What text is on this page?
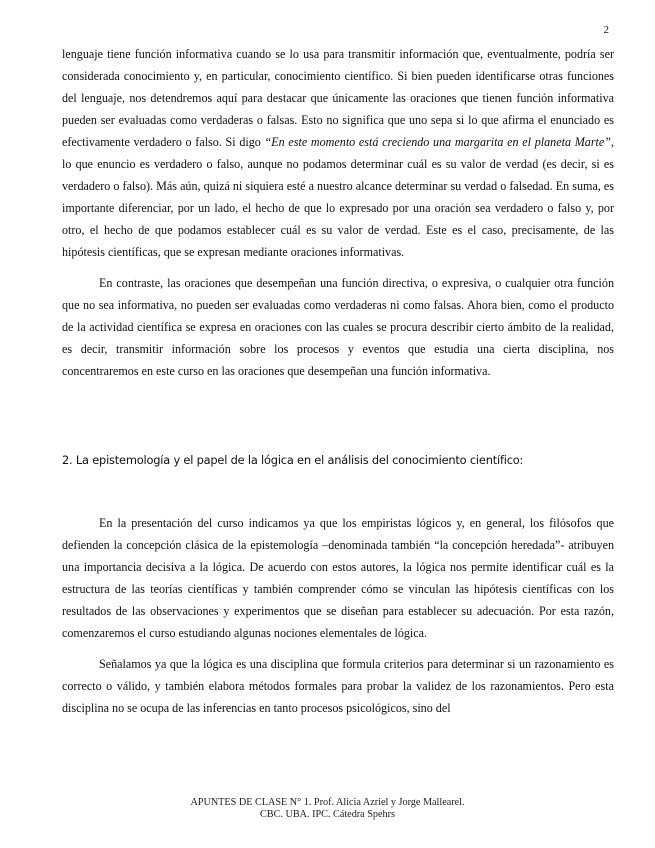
2

lenguaje tiene función informativa cuando se lo usa para transmitir información que, eventualmente, podría ser considerada conocimiento y, en particular, conocimiento científico. Si bien pueden identificarse otras funciones del lenguaje, nos detendremos aquí para destacar que únicamente las oraciones que tienen función informativa pueden ser evaluadas como verdaderas o falsas. Esto no significa que uno sepa si lo que afirma el enunciado es efectivamente verdadero o falso. Si digo “En este momento está creciendo una margarita en el planeta Marte”, lo que enuncio es verdadero o falso, aunque no podamos determinar cuál es su valor de verdad (es decir, si es verdadero o falso). Más aún, quizá ni siquiera esté a nuestro alcance determinar su verdad o falsedad. En suma, es importante diferenciar, por un lado, el hecho de que lo expresado por una oración sea verdadero o falso y, por otro, el hecho de que podamos establecer cuál es su valor de verdad. Este es el caso, precisamente, de las hipótesis científicas, que se expresan mediante oraciones informativas.

En contraste, las oraciones que desempeñan una función directiva, o expresiva, o cualquier otra función que no sea informativa, no pueden ser evaluadas como verdaderas ni como falsas. Ahora bien, como el producto de la actividad científica se expresa en oraciones con las cuales se procura describir cierto ámbito de la realidad, es decir, transmitir información sobre los procesos y eventos que estudia una cierta disciplina, nos concentraremos en este curso en las oraciones que desempeñan una función informativa.

2. La epistemología y el papel de la lógica en el análisis del conocimiento científico:

En la presentación del curso indicamos ya que los empiristas lógicos y, en general, los filósofos que defienden la concepción clásica de la epistemología –denominada también “la concepción heredada”- atribuyen una importancia decisiva a la lógica. De acuerdo con estos autores, la lógica nos permite identificar cuál es la estructura de las teorías científicas y también comprender cómo se vinculan las hipótesis científicas con los resultados de las observaciones y experimentos que se diseñan para establecer su adecuación. Por esta razón, comenzaremos el curso estudiando algunas nociones elementales de lógica.

Señalamos ya que la lógica es una disciplina que formula criterios para determinar si un razonamiento es correcto o válido, y también elabora métodos formales para probar la validez de los razonamientos. Pero esta disciplina no se ocupa de las inferencias en tanto procesos psicológicos, sino del

APUNTES DE CLASE N° 1. Prof. Alicia Azriel y Jorge Mallearel.
CBC. UBA. IPC. Cátedra Spehrs
